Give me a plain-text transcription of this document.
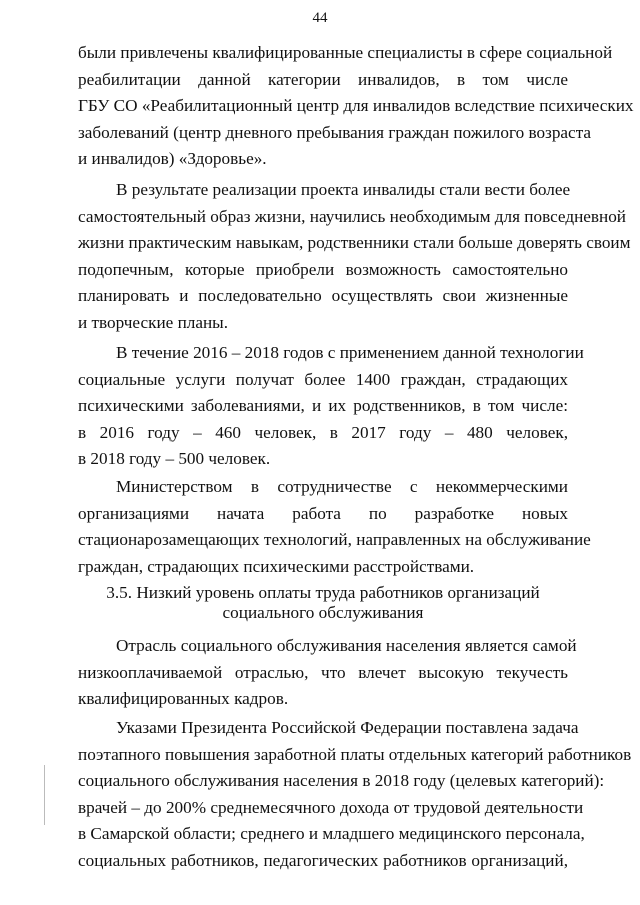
44
были привлечены квалифицированные специалисты в сфере социальной
реабилитации данной категории инвалидов, в том числе
ГБУ СО «Реабилитационный центр для инвалидов вследствие психических
заболеваний (центр дневного пребывания граждан пожилого возраста
и инвалидов) «Здоровье».
В результате реализации проекта инвалиды стали вести более
самостоятельный образ жизни, научились необходимым для повседневной
жизни практическим навыкам, родственники стали больше доверять своим
подопечным, которые приобрели возможность самостоятельно
планировать и последовательно осуществлять свои жизненные
и творческие планы.
В течение 2016 – 2018 годов с применением данной технологии
социальные услуги получат более 1400 граждан, страдающих
психическими заболеваниями, и их родственников, в том числе:
в 2016 году – 460 человек, в 2017 году – 480 человек,
в 2018 году – 500 человек.
Министерством в сотрудничестве с некоммерческими
организациями начата работа по разработке новых
стационарозамещающих технологий, направленных на обслуживание
граждан, страдающих психическими расстройствами.
3.5. Низкий уровень оплаты труда работников организаций
социального обслуживания
Отрасль социального обслуживания населения является самой
низкооплачиваемой отраслью, что влечет высокую текучесть
квалифицированных кадров.
Указами Президента Российской Федерации поставлена задача
поэтапного повышения заработной платы отдельных категорий работников
социального обслуживания населения в 2018 году (целевых категорий):
врачей – до 200% среднемесячного дохода от трудовой деятельности
в Самарской области; среднего и младшего медицинского персонала,
социальных работников, педагогических работников организаций,
